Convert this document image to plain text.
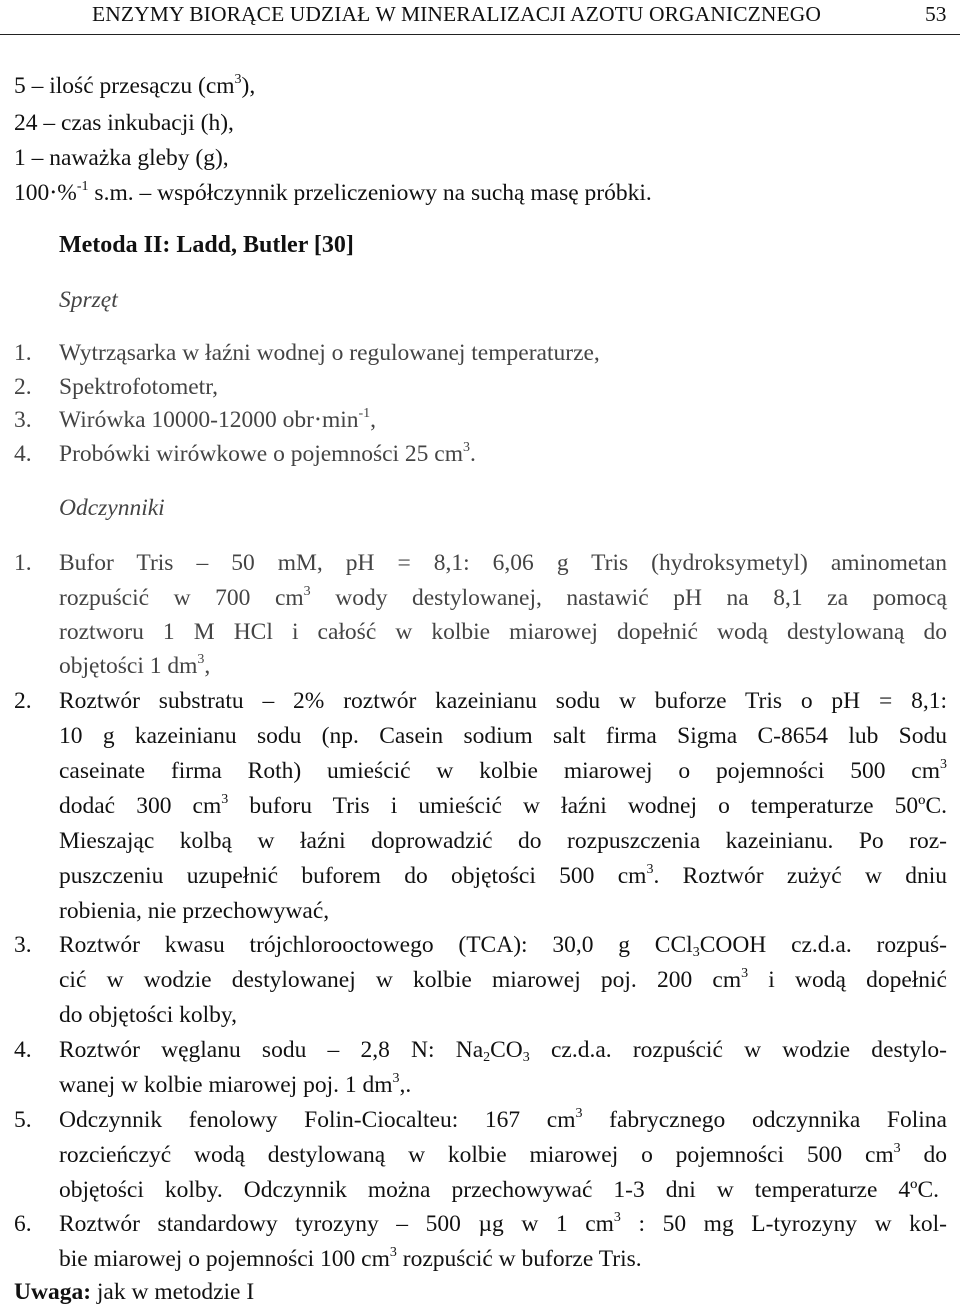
ENZYMY BIORĄCE UDZIAŁ W MINERALIZACJI AZOTU ORGANICZNEGO	53
5 – ilość przesączu $(cm^3)$,
24 – czas inkubacji (h),
1 – naważka gleby (g),
100⋅%$^{-1}$ s.m. – współczynnik przeliczeniowy na suchą masę próbki.
Metoda II: Ladd, Butler [30]
Sprzęt
1. Wytrząsarka w łaźni wodnej o regulowanej temperaturze,
2. Spektrofotometr,
3. Wirówka 10000-12000 $obr\cdot\min^{-1}$,
4. Probówki wirówkowe o pojemności 25 $cm^3$.
Odczynniki
1. Bufor Tris – 50 mM, pH = 8,1: 6,06 g Tris (hydroksymetyl) aminometan
rozpuścić w 700 $cm^3$ wody destylowanej, nastawić pH na 8,1 za pomocą
roztworu 1 M HCl i całość w kolbie miarowej dopełnić wodą destylowaną do
objętości 1 $dm^3$,
2. Roztwór substratu – 2% roztwór kazeinianu sodu w buforze Tris o pH = 8,1:
10 g kazeinianu sodu (np. Casein sodium salt firma Sigma C-8654 lub Sodu
caseinate firma Roth) umieścić w kolbie miarowej o pojemności 500 $cm^3$
dodać 300 $cm^3$ buforu Tris i umieścić w łaźni wodnej o temperaturze 50ºC.
Mieszając kolbą w łaźni doprowadzić do rozpuszczenia kazeinianu. Po roz-
puszczeniu uzupełnić buforem do objętości 500 $cm^3$. Roztwór zużyć w dniu
robienia, nie przechowywać,
3. Roztwór kwasu trójchlorooctowego (TCA): 30,0 g CCl$_3$COOH cz.d.a. rozpuś-
cić w wodzie destylowanej w kolbie miarowej poj. 200 $cm^3$ i wodą dopełnić
do objętości kolby,
4. Roztwór węglanu sodu – 2,8 N: $Na_2CO_3$ cz.d.a. rozpuścić w wodzie destylo-
wanej w kolbie miarowej poj. 1 $dm^3$,.
5. Odczynnik fenolowy Folin-Ciocalteu: 167 $cm^3$ fabrycznego odczynnika Folina
rozcieńczyć wodą destylowaną w kolbie miarowej o pojemności 500 $cm^3$ do
objętości kolby. Odczynnik można przechowywać 1-3 dni w temperaturze 4ºC.
6. Roztwór standardowy tyrozyny – 500 µg w 1 $cm^3$ : 50 mg L-tyrozyny w kol-
bie miarowej o pojemności 100 $cm^3$ rozpuścić w buforze Tris.
Uwaga: jak w metodzie I
